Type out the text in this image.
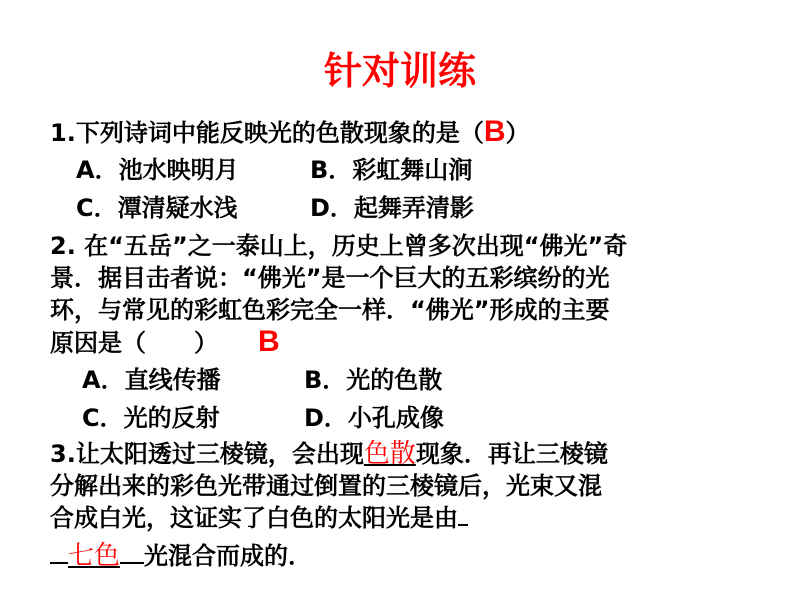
针对训练
1.下列诗词中能反映光的色散现象的是（B）
A．池水映明月	B．彩虹舞山涧
C．潭清疑水浅	D．起舞弄清影
2. 在“五岳”之一泰山上，历史上曾多次出现“佛光”奇
景．据目击者说：“佛光”是一个巨大的五彩缤纷的光
环，与常见的彩虹色彩完全一样．“佛光”形成的主要
原因是（　　） B
A．直线传播	B．光的色散
C．光的反射	D．小孔成像
3.让太阳透过三棱镜，会出现色散现象．再让三棱镜
分解出来的彩色光带通过倒置的三棱镜后，光束又混
合成白光，这证实了白色的太阳光是由
七色 光混合而成的．
